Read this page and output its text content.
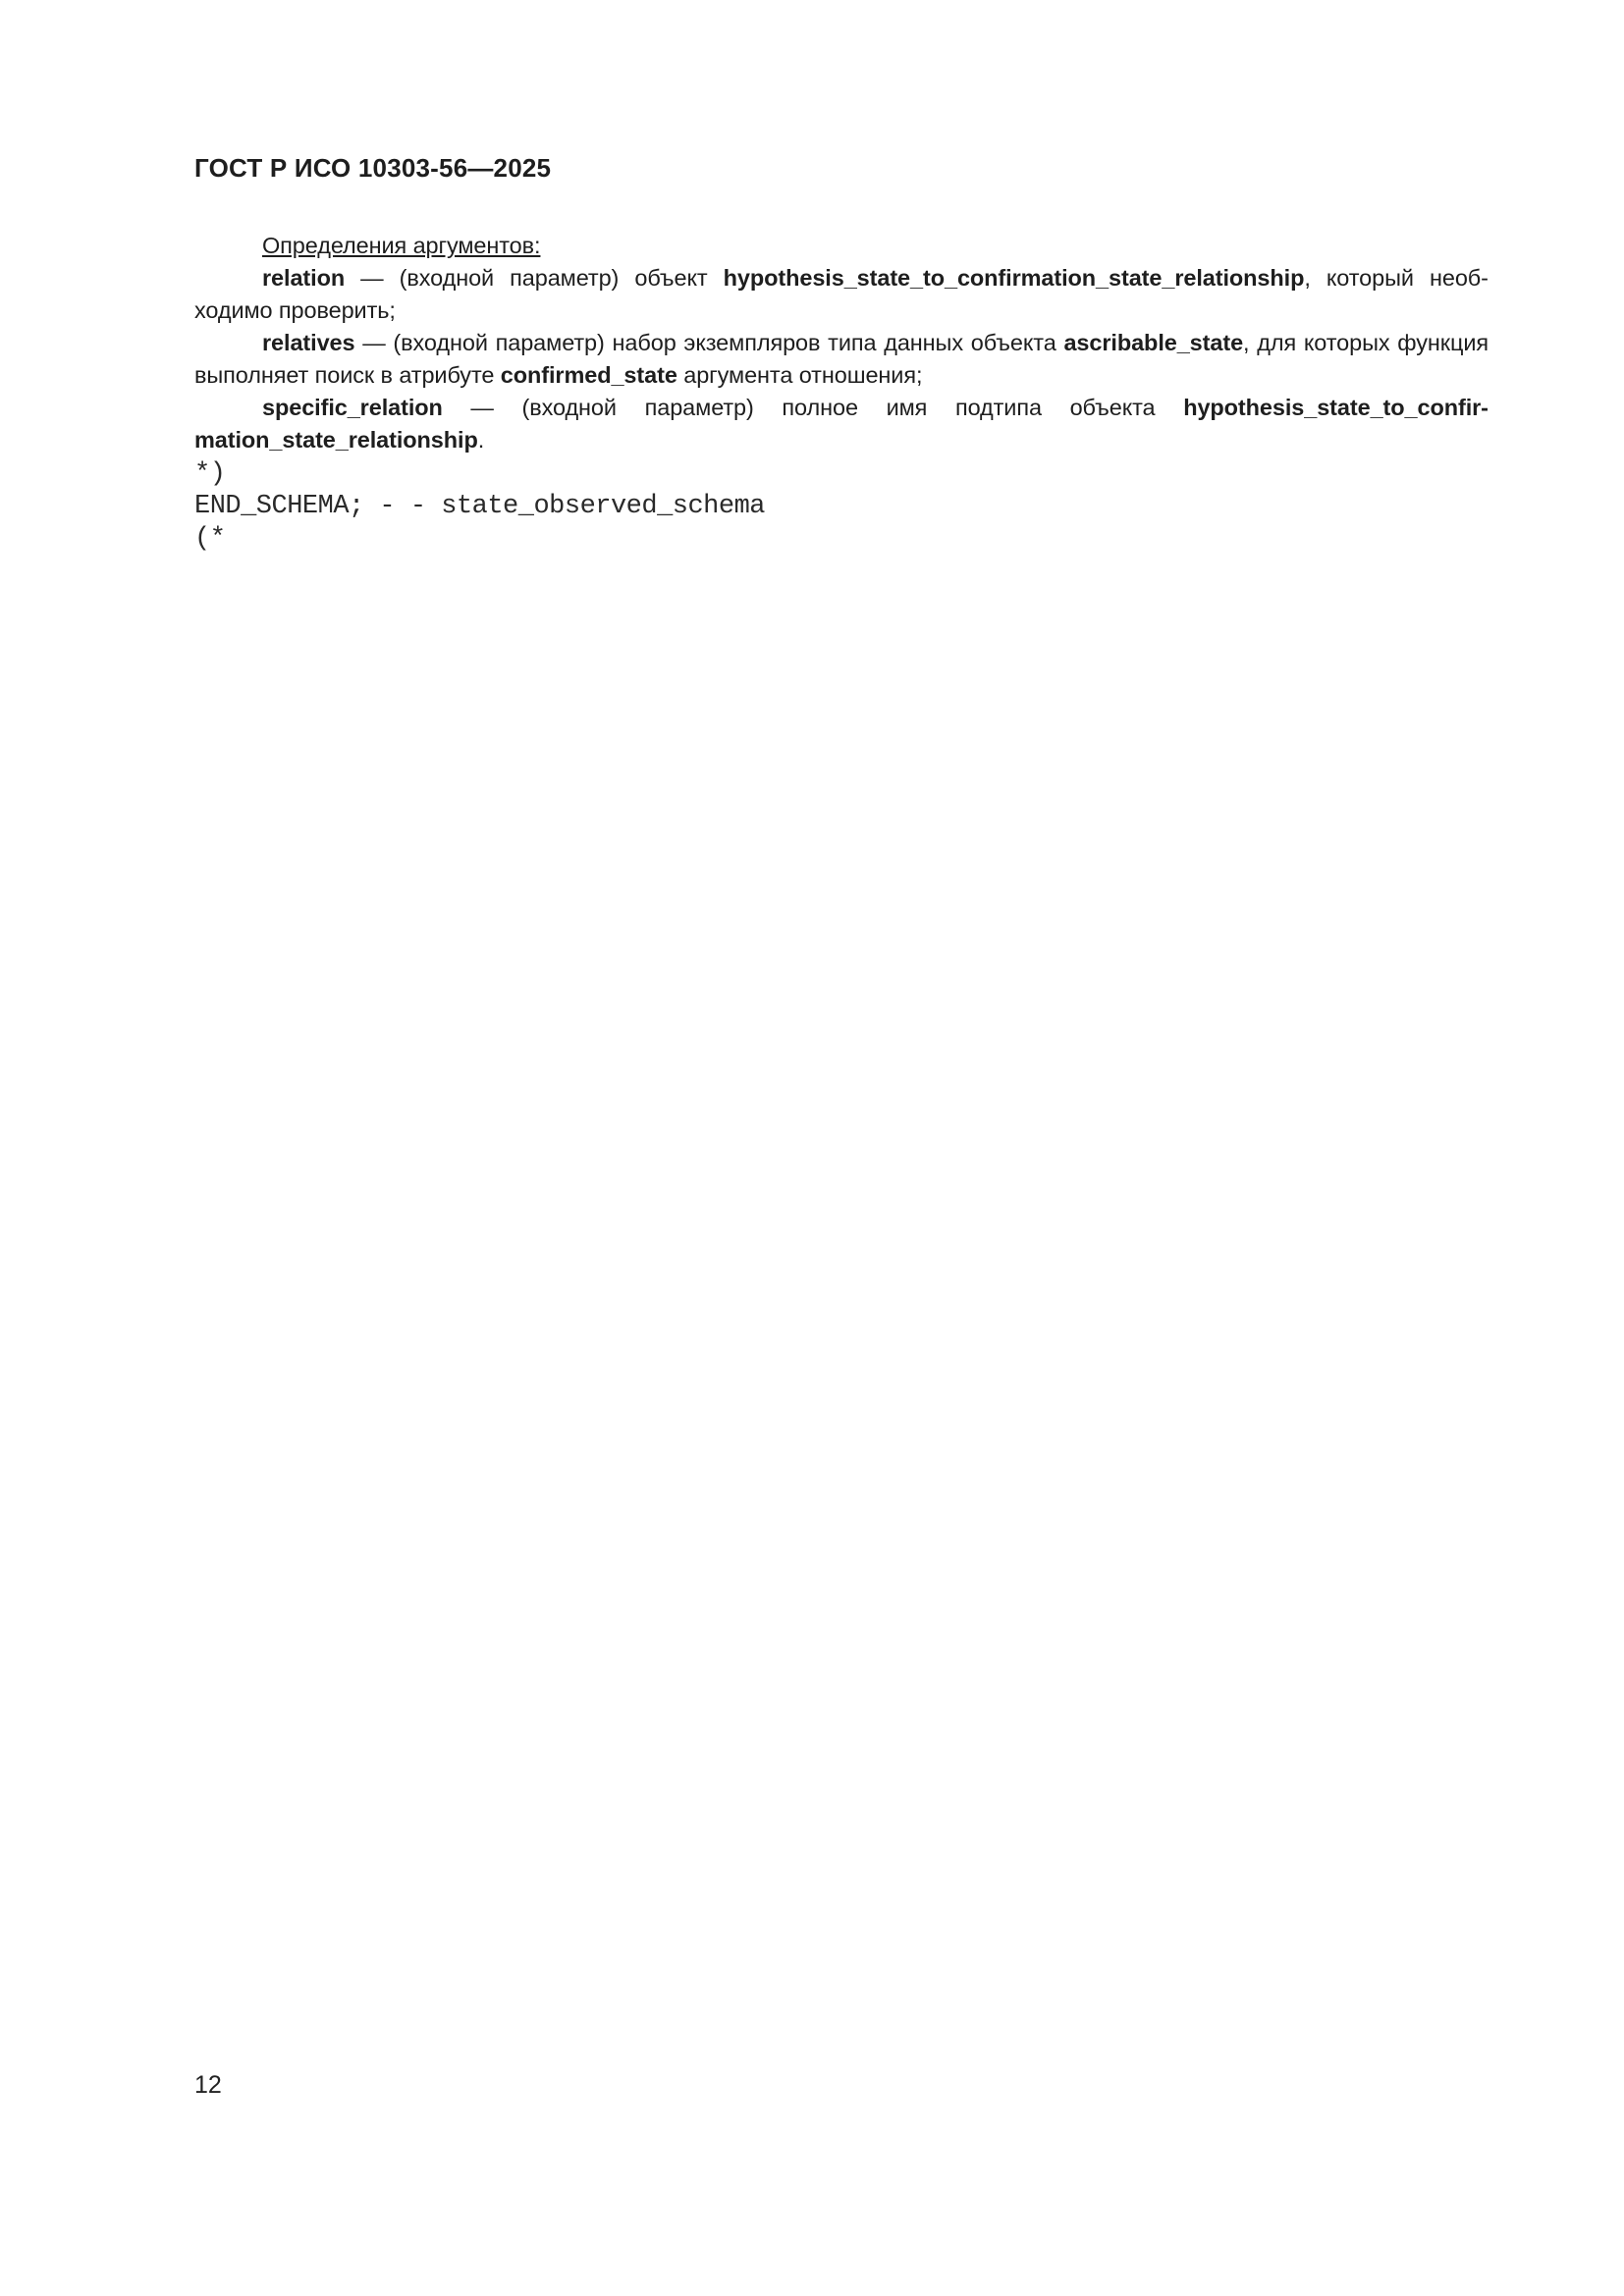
ГОСТ Р ИСО 10303-56—2025
Определения аргументов:

relation — (входной параметр) объект hypothesis_state_to_confirmation_state_relationship, который необходимо проверить;

relatives — (входной параметр) набор экземпляров типа данных объекта ascribable_state, для которых функция выполняет поиск в атрибуте confirmed_state аргумента отношения;

specific_relation — (входной параметр) полное имя подтипа объекта hypothesis_state_to_confirmation_state_relationship.

*)
END_SCHEMA; - - state_observed_schema
(*
12
